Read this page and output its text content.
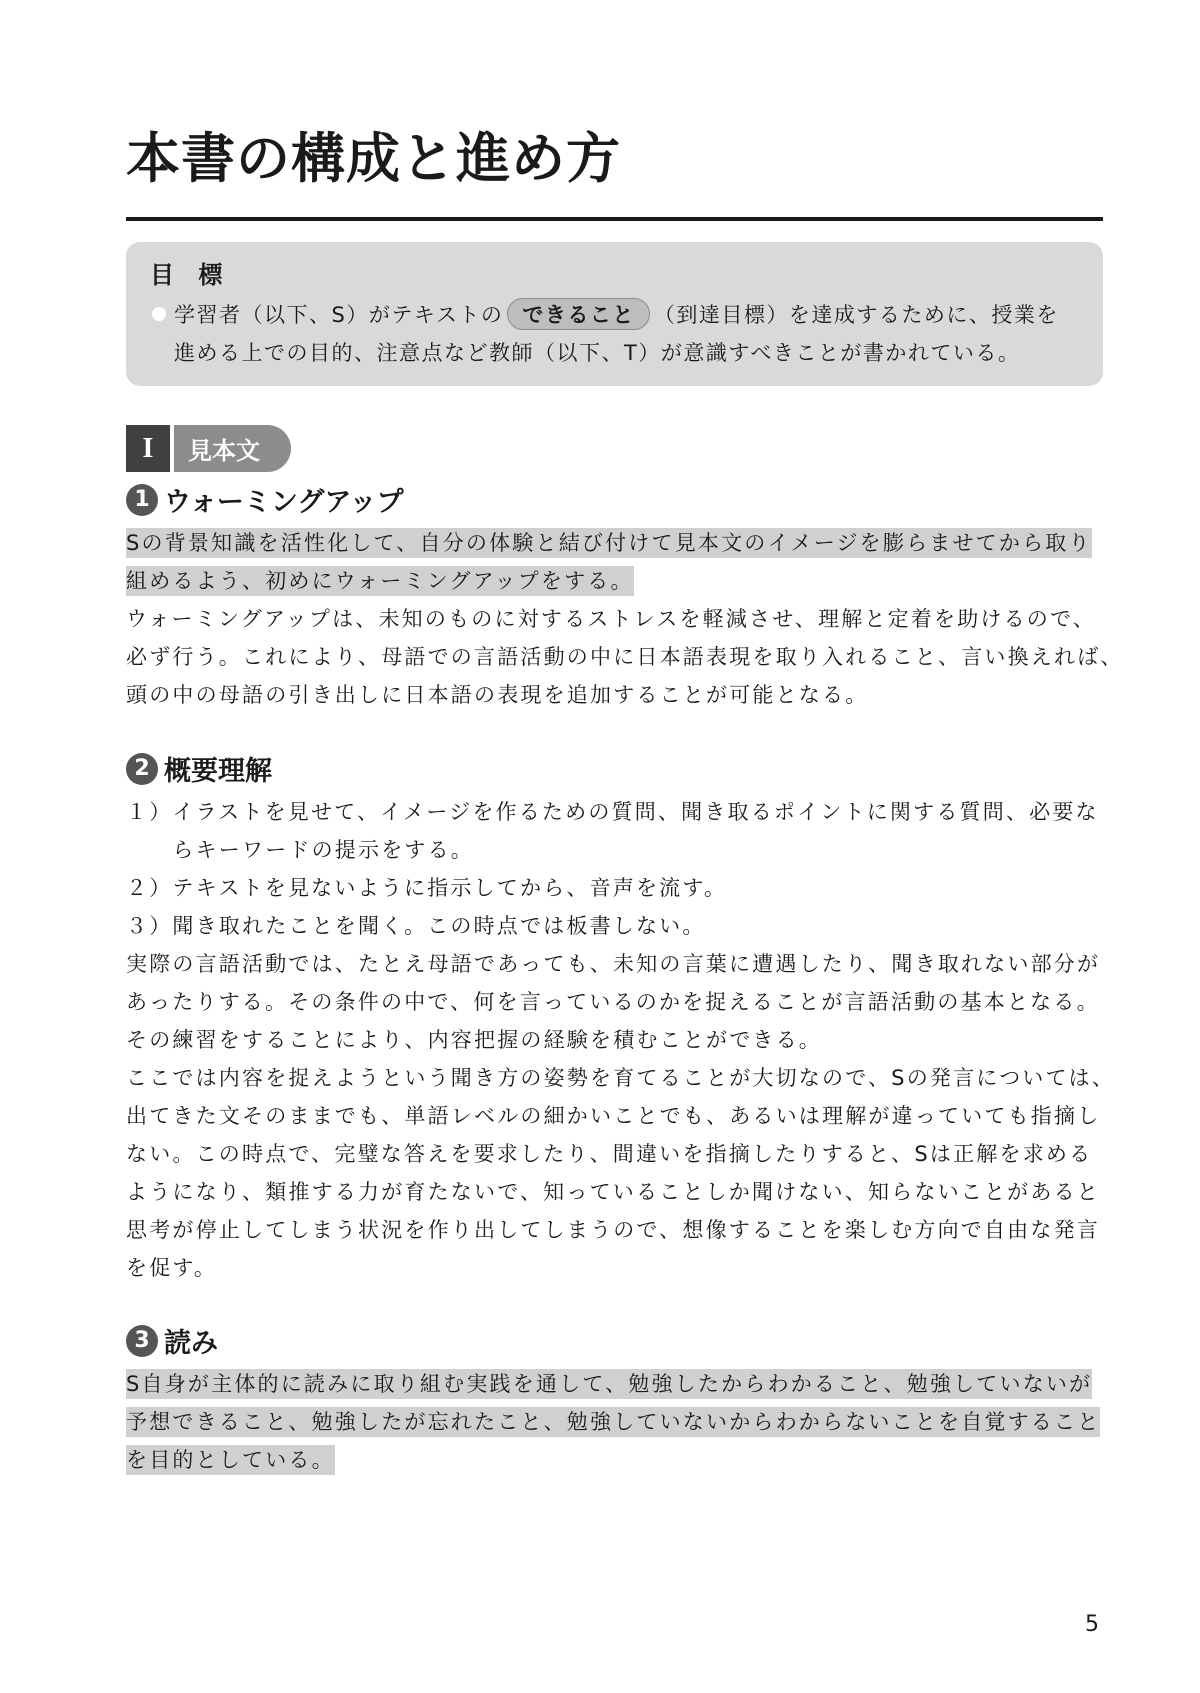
本書の構成と進め方
目 標
学習者（以下、S）がテキストの できること （到達目標）を達成するために、授業を
進める上での目的、注意点など教師（以下、T）が意識すべきことが書かれている。
I	見本文
1 ウォーミングアップ
Sの背景知識を活性化して、自分の体験と結び付けて見本文のイメージを膨らませてから取り
組めるよう、初めにウォーミングアップをする。
ウォーミングアップは、未知のものに対するストレスを軽減させ、理解と定着を助けるので、
必ず行う。これにより、母語での言語活動の中に日本語表現を取り入れること、言い換えれば、
頭の中の母語の引き出しに日本語の表現を追加することが可能となる。
2 概要理解
１）イラストを見せて、イメージを作るための質問、聞き取るポイントに関する質問、必要な
　　らキーワードの提示をする。
２）テキストを見ないように指示してから、音声を流す。
３）聞き取れたことを聞く。この時点では板書しない。
実際の言語活動では、たとえ母語であっても、未知の言葉に遭遇したり、聞き取れない部分が
あったりする。その条件の中で、何を言っているのかを捉えることが言語活動の基本となる。
その練習をすることにより、内容把握の経験を積むことができる。
ここでは内容を捉えようという聞き方の姿勢を育てることが大切なので、Sの発言については、
出てきた文そのままでも、単語レベルの細かいことでも、あるいは理解が違っていても指摘し
ない。この時点で、完璧な答えを要求したり、間違いを指摘したりすると、Sは正解を求める
ようになり、類推する力が育たないで、知っていることしか聞けない、知らないことがあると
思考が停止してしまう状況を作り出してしまうので、想像することを楽しむ方向で自由な発言
を促す。
3 読み
S自身が主体的に読みに取り組む実践を通して、勉強したからわかること、勉強していないが
予想できること、勉強したが忘れたこと、勉強していないからわからないことを自覚すること
を目的としている。
5
